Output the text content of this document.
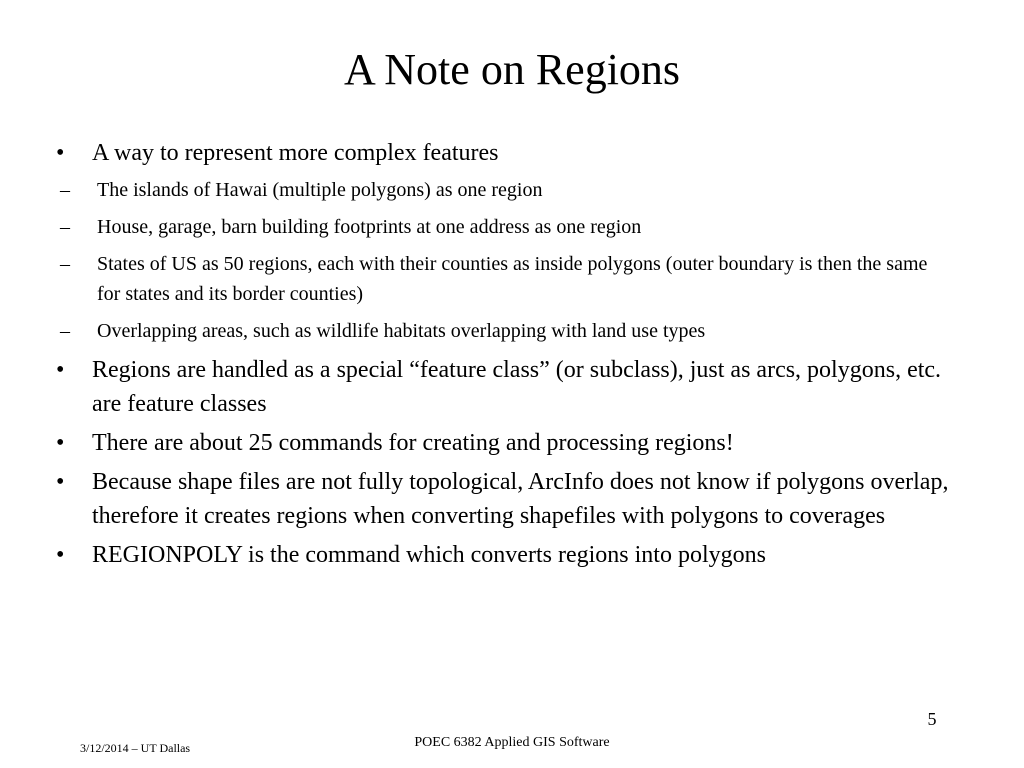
A Note on Regions
•	A way to represent more complex features
–	The islands of Hawai (multiple polygons) as one region
–	House, garage, barn building footprints at one address as one region
–	States of US as 50 regions, each with their counties as inside polygons (outer boundary is then the same for states and its border counties)
–	Overlapping areas, such as wildlife habitats overlapping with land use types
•	Regions are handled as a special “feature class” (or subclass), just as arcs, polygons, etc. are feature classes
•	There are about 25 commands for creating and processing regions!
•	Because shape files are not fully topological, ArcInfo does not know if polygons overlap, therefore it creates regions when converting shapefiles with polygons to coverages
•	REGIONPOLY is the command which converts regions into polygons
5
POEC 6382 Applied GIS Software
3/12/2014 – UT Dallas
